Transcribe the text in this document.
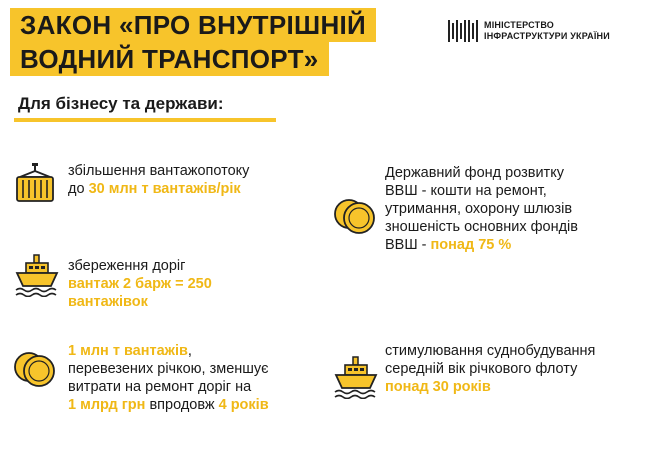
ЗАКОН «ПРО ВНУТРІШНІЙ
ВОДНИЙ ТРАНСПОРТ»
МІНІСТЕРСТВО
ІНФРАСТРУКТУРИ УКРАЇНИ
Для бізнесу та держави:
збільшення вантажопотоку
до 30 млн т вантажів/рік
збереження доріг
вантаж 2 барж = 250
вантажівок
1 млн т вантажів,
перевезених річкою, зменшує
витрати на ремонт доріг на
1 млрд грн впродовж 4 років
Державний фонд розвитку
ВВШ - кошти на ремонт,
утримання, охорону шлюзів
зношеність основних фондів
ВВШ - понад 75 %
стимулювання суднобудування
середній вік річкового флоту
понад 30 років
